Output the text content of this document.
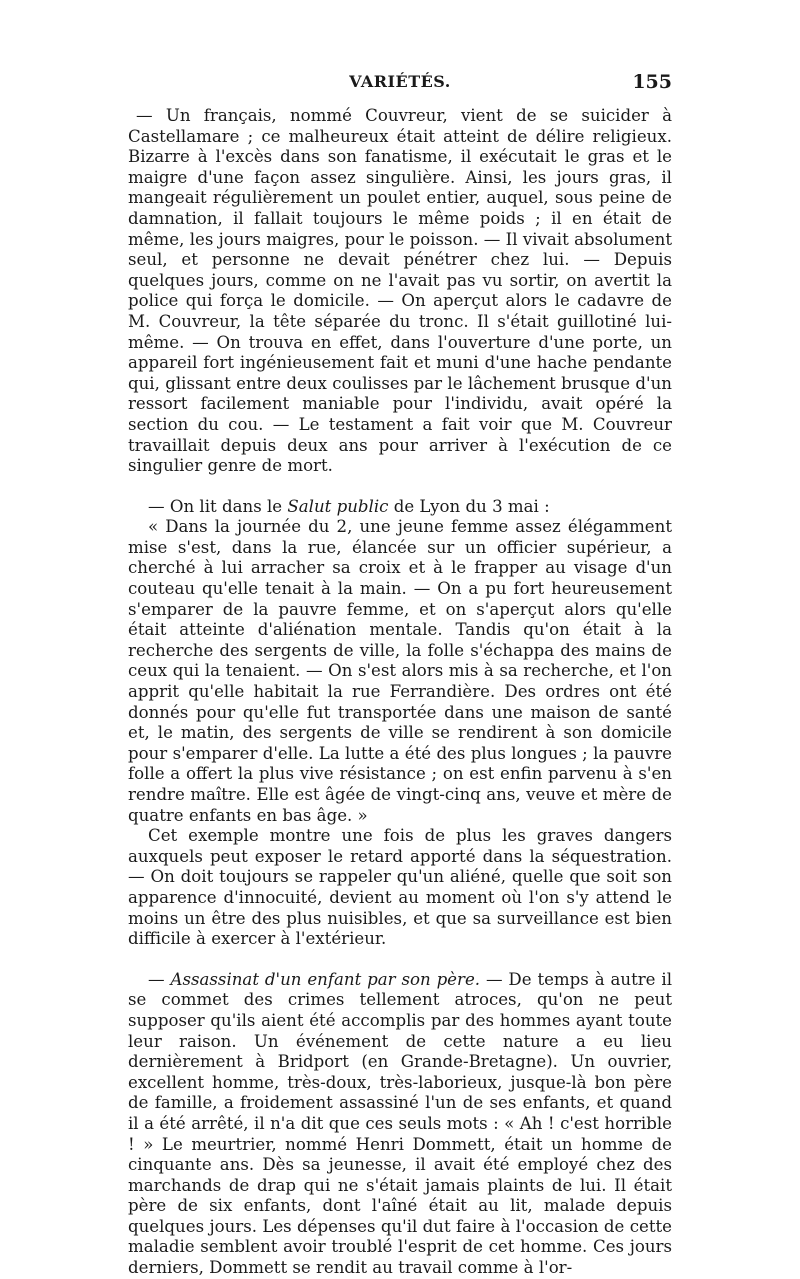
VARIÉTÉS.	155

— Un français, nommé Couvreur, vient de se suicider à Castellamare ; ce malheureux était atteint de délire religieux. Bizarre à l'excès dans son fanatisme, il exécutait le gras et le maigre d'une façon assez singulière. Ainsi, les jours gras, il mangeait régulièrement un poulet entier, auquel, sous peine de damnation, il fallait toujours le même poids ; il en était de même, les jours maigres, pour le poisson. — Il vivait absolument seul, et personne ne devait pénétrer chez lui. — Depuis quelques jours, comme on ne l'avait pas vu sortir, on avertit la police qui força le domicile. — On aperçut alors le cadavre de M. Couvreur, la tête séparée du tronc. Il s'était guillotiné lui-même. — On trouva en effet, dans l'ouverture d'une porte, un appareil fort ingénieusement fait et muni d'une hache pendante qui, glissant entre deux coulisses par le lâchement brusque d'un ressort facilement maniable pour l'individu, avait opéré la section du cou. — Le testament a fait voir que M. Couvreur travaillait depuis deux ans pour arriver à l'exécution de ce singulier genre de mort.

— On lit dans le Salut public de Lyon du 3 mai :

« Dans la journée du 2, une jeune femme assez élégamment mise s'est, dans la rue, élancée sur un officier supérieur, a cherché à lui arracher sa croix et à le frapper au visage d'un couteau qu'elle tenait à la main. — On a pu fort heureusement s'emparer de la pauvre femme, et on s'aperçut alors qu'elle était atteinte d'aliénation mentale. Tandis qu'on était à la recherche des sergents de ville, la folle s'échappa des mains de ceux qui la tenaient. — On s'est alors mis à sa recherche, et l'on apprit qu'elle habitait la rue Ferrandière. Des ordres ont été donnés pour qu'elle fut transportée dans une maison de santé et, le matin, des sergents de ville se rendirent à son domicile pour s'emparer d'elle. La lutte a été des plus longues ; la pauvre folle a offert la plus vive résistance ; on est enfin parvenu à s'en rendre maître. Elle est âgée de vingt-cinq ans, veuve et mère de quatre enfants en bas âge. »

Cet exemple montre une fois de plus les graves dangers auxquels peut exposer le retard apporté dans la séquestration. — On doit toujours se rappeler qu'un aliéné, quelle que soit son apparence d'innocuité, devient au moment où l'on s'y attend le moins un être des plus nuisibles, et que sa surveillance est bien difficile à exercer à l'extérieur.

— Assassinat d'un enfant par son père. — De temps à autre il se commet des crimes tellement atroces, qu'on ne peut supposer qu'ils aient été accomplis par des hommes ayant toute leur raison. Un événement de cette nature a eu lieu dernièrement à Bridport (en Grande-Bretagne). Un ouvrier, excellent homme, très-doux, très-laborieux, jusque-là bon père de famille, a froidement assassiné l'un de ses enfants, et quand il a été arrêté, il n'a dit que ces seuls mots : « Ah ! c'est horrible ! » Le meurtrier, nommé Henri Dommett, était un homme de cinquante ans. Dès sa jeunesse, il avait été employé chez des marchands de drap qui ne s'était jamais plaints de lui. Il était père de six enfants, dont l'aîné était au lit, malade depuis quelques jours. Les dépenses qu'il dut faire à l'occasion de cette maladie semblent avoir troublé l'esprit de cet homme. Ces jours derniers, Dommett se rendit au travail comme à l'or-
